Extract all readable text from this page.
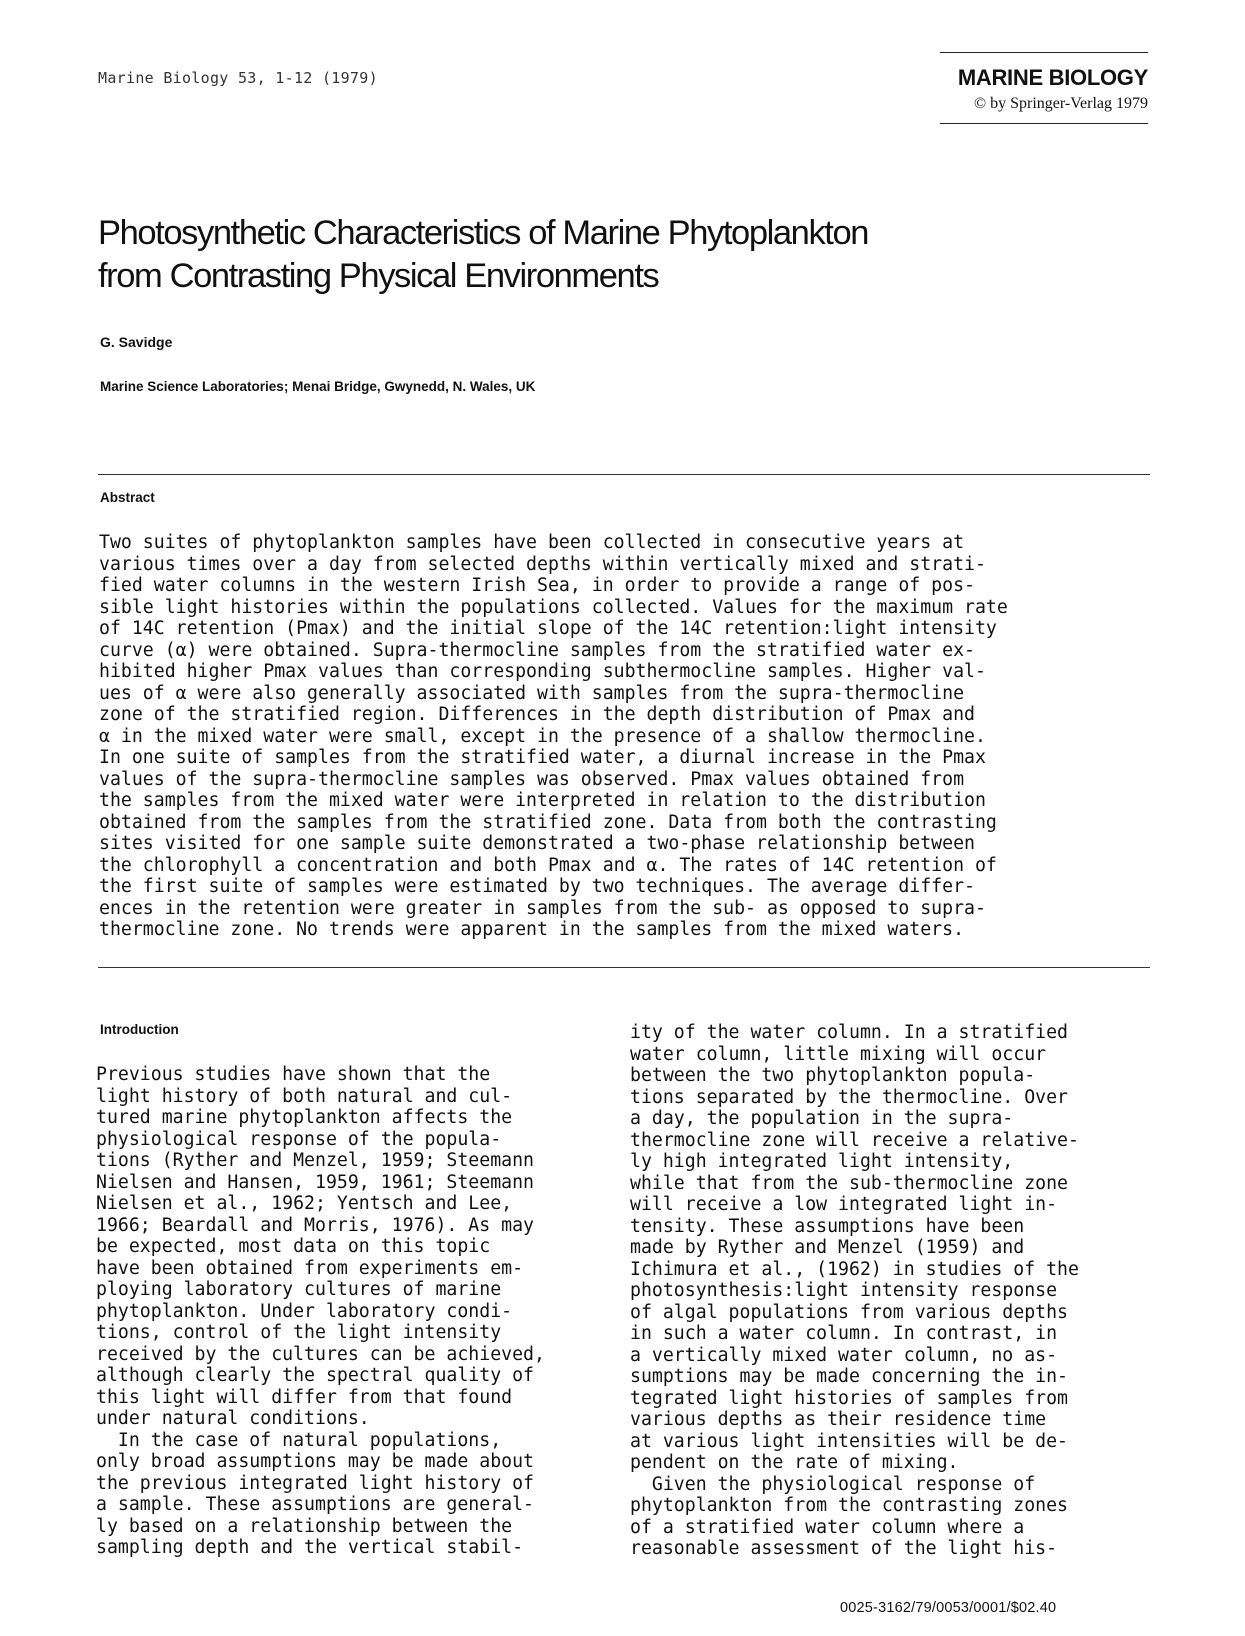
Marine Biology 53, 1-12 (1979)	MARINE BIOLOGY
© by Springer-Verlag 1979
Photosynthetic Characteristics of Marine Phytoplankton
from Contrasting Physical Environments
G. Savidge
Marine Science Laboratories; Menai Bridge, Gwynedd, N. Wales, UK
Abstract
Two suites of phytoplankton samples have been collected in consecutive years at
various times over a day from selected depths within vertically mixed and strati-
fied water columns in the western Irish Sea, in order to provide a range of pos-
sible light histories within the populations collected. Values for the maximum rate
of 14C retention (Pmax) and the initial slope of the 14C retention:light intensity
curve (α) were obtained. Supra-thermocline samples from the stratified water ex-
hibited higher Pmax values than corresponding subthermocline samples. Higher val-
ues of α were also generally associated with samples from the supra-thermocline
zone of the stratified region. Differences in the depth distribution of Pmax and
α in the mixed water were small, except in the presence of a shallow thermocline.
In one suite of samples from the stratified water, a diurnal increase in the Pmax
values of the supra-thermocline samples was observed. Pmax values obtained from
the samples from the mixed water were interpreted in relation to the distribution
obtained from the samples from the stratified zone. Data from both the contrasting
sites visited for one sample suite demonstrated a two-phase relationship between
the chlorophyll a concentration and both Pmax and α. The rates of 14C retention of
the first suite of samples were estimated by two techniques. The average differ-
ences in the retention were greater in samples from the sub- as opposed to supra-
thermocline zone. No trends were apparent in the samples from the mixed waters.
Introduction
Previous studies have shown that the
light history of both natural and cul-
tured marine phytoplankton affects the
physiological response of the popula-
tions (Ryther and Menzel, 1959; Steemann
Nielsen and Hansen, 1959, 1961; Steemann
Nielsen et al., 1962; Yentsch and Lee,
1966; Beardall and Morris, 1976). As may
be expected, most data on this topic
have been obtained from experiments em-
ploying laboratory cultures of marine
phytoplankton. Under laboratory condi-
tions, control of the light intensity
received by the cultures can be achieved,
although clearly the spectral quality of
this light will differ from that found
under natural conditions.
In the case of natural populations,
only broad assumptions may be made about
the previous integrated light history of
a sample. These assumptions are general-
ly based on a relationship between the
sampling depth and the vertical stabil-
ity of the water column. In a stratified
water column, little mixing will occur
between the two phytoplankton popula-
tions separated by the thermocline. Over
a day, the population in the supra-
thermocline zone will receive a relative-
ly high integrated light intensity,
while that from the sub-thermocline zone
will receive a low integrated light in-
tensity. These assumptions have been
made by Ryther and Menzel (1959) and
Ichimura et al., (1962) in studies of the
photosynthesis:light intensity response
of algal populations from various depths
in such a water column. In contrast, in
a vertically mixed water column, no as-
sumptions may be made concerning the in-
tegrated light histories of samples from
various depths as their residence time
at various light intensities will be de-
pendent on the rate of mixing.
Given the physiological response of
phytoplankton from the contrasting zones
of a stratified water column where a
reasonable assessment of the light his-
0025-3162/79/0053/0001/$02.40
